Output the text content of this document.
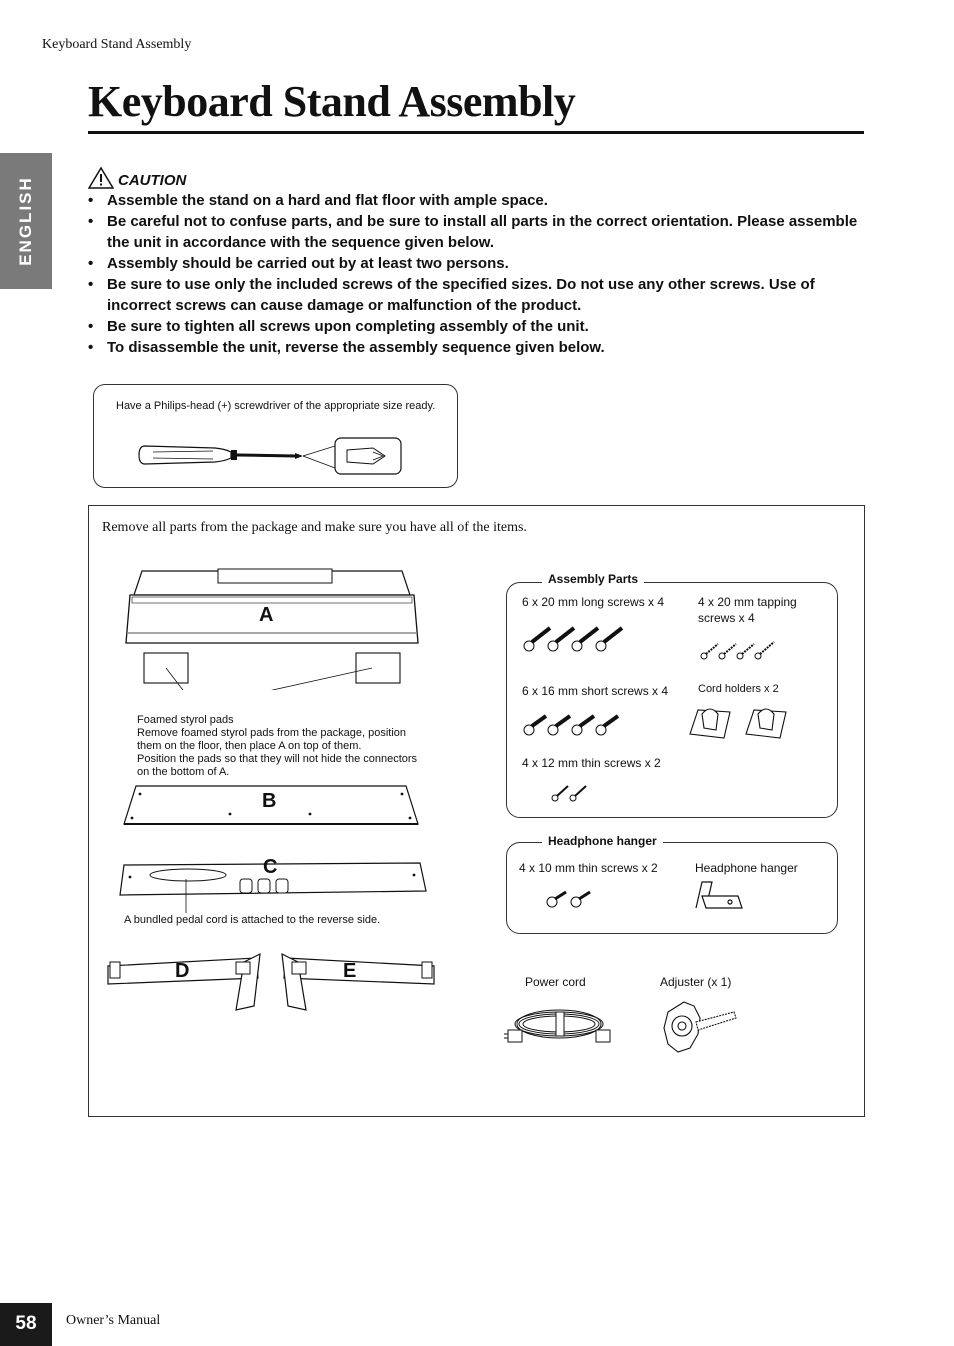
Keyboard Stand Assembly
Keyboard Stand Assembly
ENGLISH	CAUTION
• Assemble the stand on a hard and flat floor with ample space.
• Be careful not to confuse parts, and be sure to install all parts in the correct orientation. Please assemble the unit in accordance with the sequence given below.
• Assembly should be carried out by at least two persons.
• Be sure to use only the included screws of the specified sizes. Do not use any other screws. Use of incorrect screws can cause damage or malfunction of the product.
• Be sure to tighten all screws upon completing assembly of the unit.
• To disassemble the unit, reverse the assembly sequence given below.
Have a Philips-head (+) screwdriver of the appropriate size ready.
Remove all parts from the package and make sure you have all of the items.
A
Foamed styrol pads
Remove foamed styrol pads from the package, position
them on the floor, then place A on top of them.
Position the pads so that they will not hide the connectors
on the bottom of A.
B
C
A bundled pedal cord is attached to the reverse side.
D	E
Assembly Parts
6 x 20 mm long screws x 4	4 x 20 mm tapping
screws x 4
6 x 16 mm short screws x 4	Cord holders x 2
4 x 12 mm thin screws x 2
Headphone hanger
4 x 10 mm thin screws x 2	Headphone hanger
Power cord	Adjuster (x 1)
58	Owner’s Manual
